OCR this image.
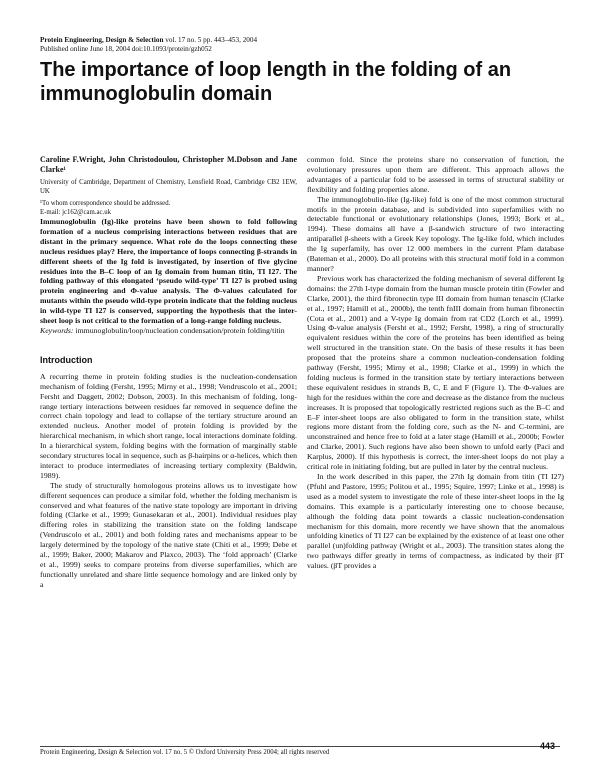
Protein Engineering, Design & Selection vol. 17 no. 5 pp. 443–453, 2004
Published online June 18, 2004 doi:10.1093/protein/gzh052
The importance of loop length in the folding of an immunoglobulin domain
Caroline F.Wright, John Christodoulou, Christopher M.Dobson and Jane Clarke¹
University of Cambridge, Department of Chemistry, Lensfield Road, Cambridge CB2 1EW, UK
¹To whom correspondence should be addressed.
E-mail: jc162@cam.ac.uk

Immunoglobulin (Ig)-like proteins have been shown to fold following formation of a nucleus comprising interactions between residues that are distant in the primary sequence. What role do the loops connecting these nucleus residues play? Here, the importance of loops connecting β-strands in different sheets of the Ig fold is investigated, by insertion of five glycine residues into the B–C loop of an Ig domain from human titin, TI I27. The folding pathway of this elongated ‘pseudo wild-type’ TI I27 is probed using protein engineering and Φ-value analysis. The Φ-values calculated for mutants within the pseudo wild-type protein indicate that the folding nucleus in wild-type TI I27 is conserved, supporting the hypothesis that the inter-sheet loop is not critical to the formation of a long-range folding nucleus.

Keywords: immunoglobulin/loop/nucleation condensation/protein folding/titin
Introduction

A recurring theme in protein folding studies is the nucleation-condensation mechanism of folding (Fersht, 1995; Mirny et al., 1998; Vendruscolo et al., 2001; Fersht and Daggett, 2002; Dobson, 2003). In this mechanism of folding, long-range tertiary interactions between residues far removed in sequence define the correct chain topology and lead to collapse of the tertiary structure around an extended nucleus. Another model of protein folding is provided by the hierarchical mechanism, in which short range, local interactions dominate folding. In a hierarchical system, folding begins with the formation of marginally stable secondary structures local in sequence, such as β-hairpins or α-helices, which then interact to produce intermediates of increasing tertiary complexity (Baldwin, 1989).

The study of structurally homologous proteins allows us to investigate how different sequences can produce a similar fold, whether the folding mechanism is conserved and what features of the native state topology are important in driving folding (Clarke et al., 1999; Gunasekaran et al., 2001). Individual residues play differing roles in stabilizing the transition state on the folding landscape (Vendruscolo et al., 2001) and both folding rates and mechanisms appear to be largely determined by the topology of the native state (Chiti et al., 1999; Debe et al., 1999; Baker, 2000; Makarov and Plaxco, 2003). The ‘fold approach’ (Clarke et al., 1999) seeks to compare proteins from diverse superfamilies, which are functionally unrelated and share little sequence homology and are linked only by a

common fold. Since the proteins share no conservation of function, the evolutionary pressures upon them are different. This approach allows the advantages of a particular fold to be assessed in terms of structural stability or flexibility and folding properties alone.

The immunoglobulin-like (Ig-like) fold is one of the most common structural motifs in the protein database, and is subdivided into superfamilies with no detectable functional or evolutionary relationships (Jones, 1993; Bork et al., 1994). These domains all have a β-sandwich structure of two interacting antiparallel β-sheets with a Greek Key topology. The Ig-like fold, which includes the Ig superfamily, has over 12 000 members in the current Pfam database (Bateman et al., 2000). Do all proteins with this structural motif fold in a common manner?

Previous work has characterized the folding mechanism of several different Ig domains: the 27th I-type domain from the human muscle protein titin (Fowler and Clarke, 2001), the third fibronectin type III domain from human tenascin (Clarke et al., 1997; Hamill et al., 2000b), the tenth fnIII domain from human fibronectin (Cota et al., 2001) and a V-type Ig domain from rat CD2 (Lorch et al., 1999). Using Φ-value analysis (Fersht et al., 1992; Fersht, 1998), a ring of structurally equivalent residues within the core of the proteins has been identified as being well structured in the transition state. On the basis of these results it has been proposed that the proteins share a common nucleation-condensation folding pathway (Fersht, 1995; Mirny et al., 1998; Clarke et al., 1999) in which the folding nucleus is formed in the transition state by tertiary interactions between these equivalent residues in strands B, C, E and F (Figure 1). The Φ-values are high for the residues within the core and decrease as the distance from the nucleus increases. It is proposed that topologically restricted regions such as the B–C and E–F inter-sheet loops are also obligated to form in the transition state, whilst regions more distant from the folding core, such as the N- and C-termini, are unconstrained and hence free to fold at a later stage (Hamill et al., 2000b; Fowler and Clarke, 2001). Such regions have also been shown to unfold early (Paci and Karplus, 2000). If this hypothesis is correct, the inter-sheet loops do not play a critical role in initiating folding, but are pulled in later by the central nucleus.

In the work described in this paper, the 27th Ig domain from titin (TI I27) (Pfuhl and Pastore, 1995; Politou et al., 1995; Squire, 1997; Linke et al., 1998) is used as a model system to investigate the role of these inter-sheet loops in the Ig domains. This example is a particularly interesting one to choose because, although the folding data point towards a classic nucleation-condensation mechanism for this domain, more recently we have shown that the anomalous unfolding kinetics of TI I27 can be explained by the existence of at least one other parallel (un)folding pathway (Wright et al., 2003). The transition states along the two pathways differ greatly in terms of compactness, as indicated by their βT values. (βT provides a

Protein Engineering, Design & Selection vol. 17 no. 5 © Oxford University Press 2004; all rights reserved
443
